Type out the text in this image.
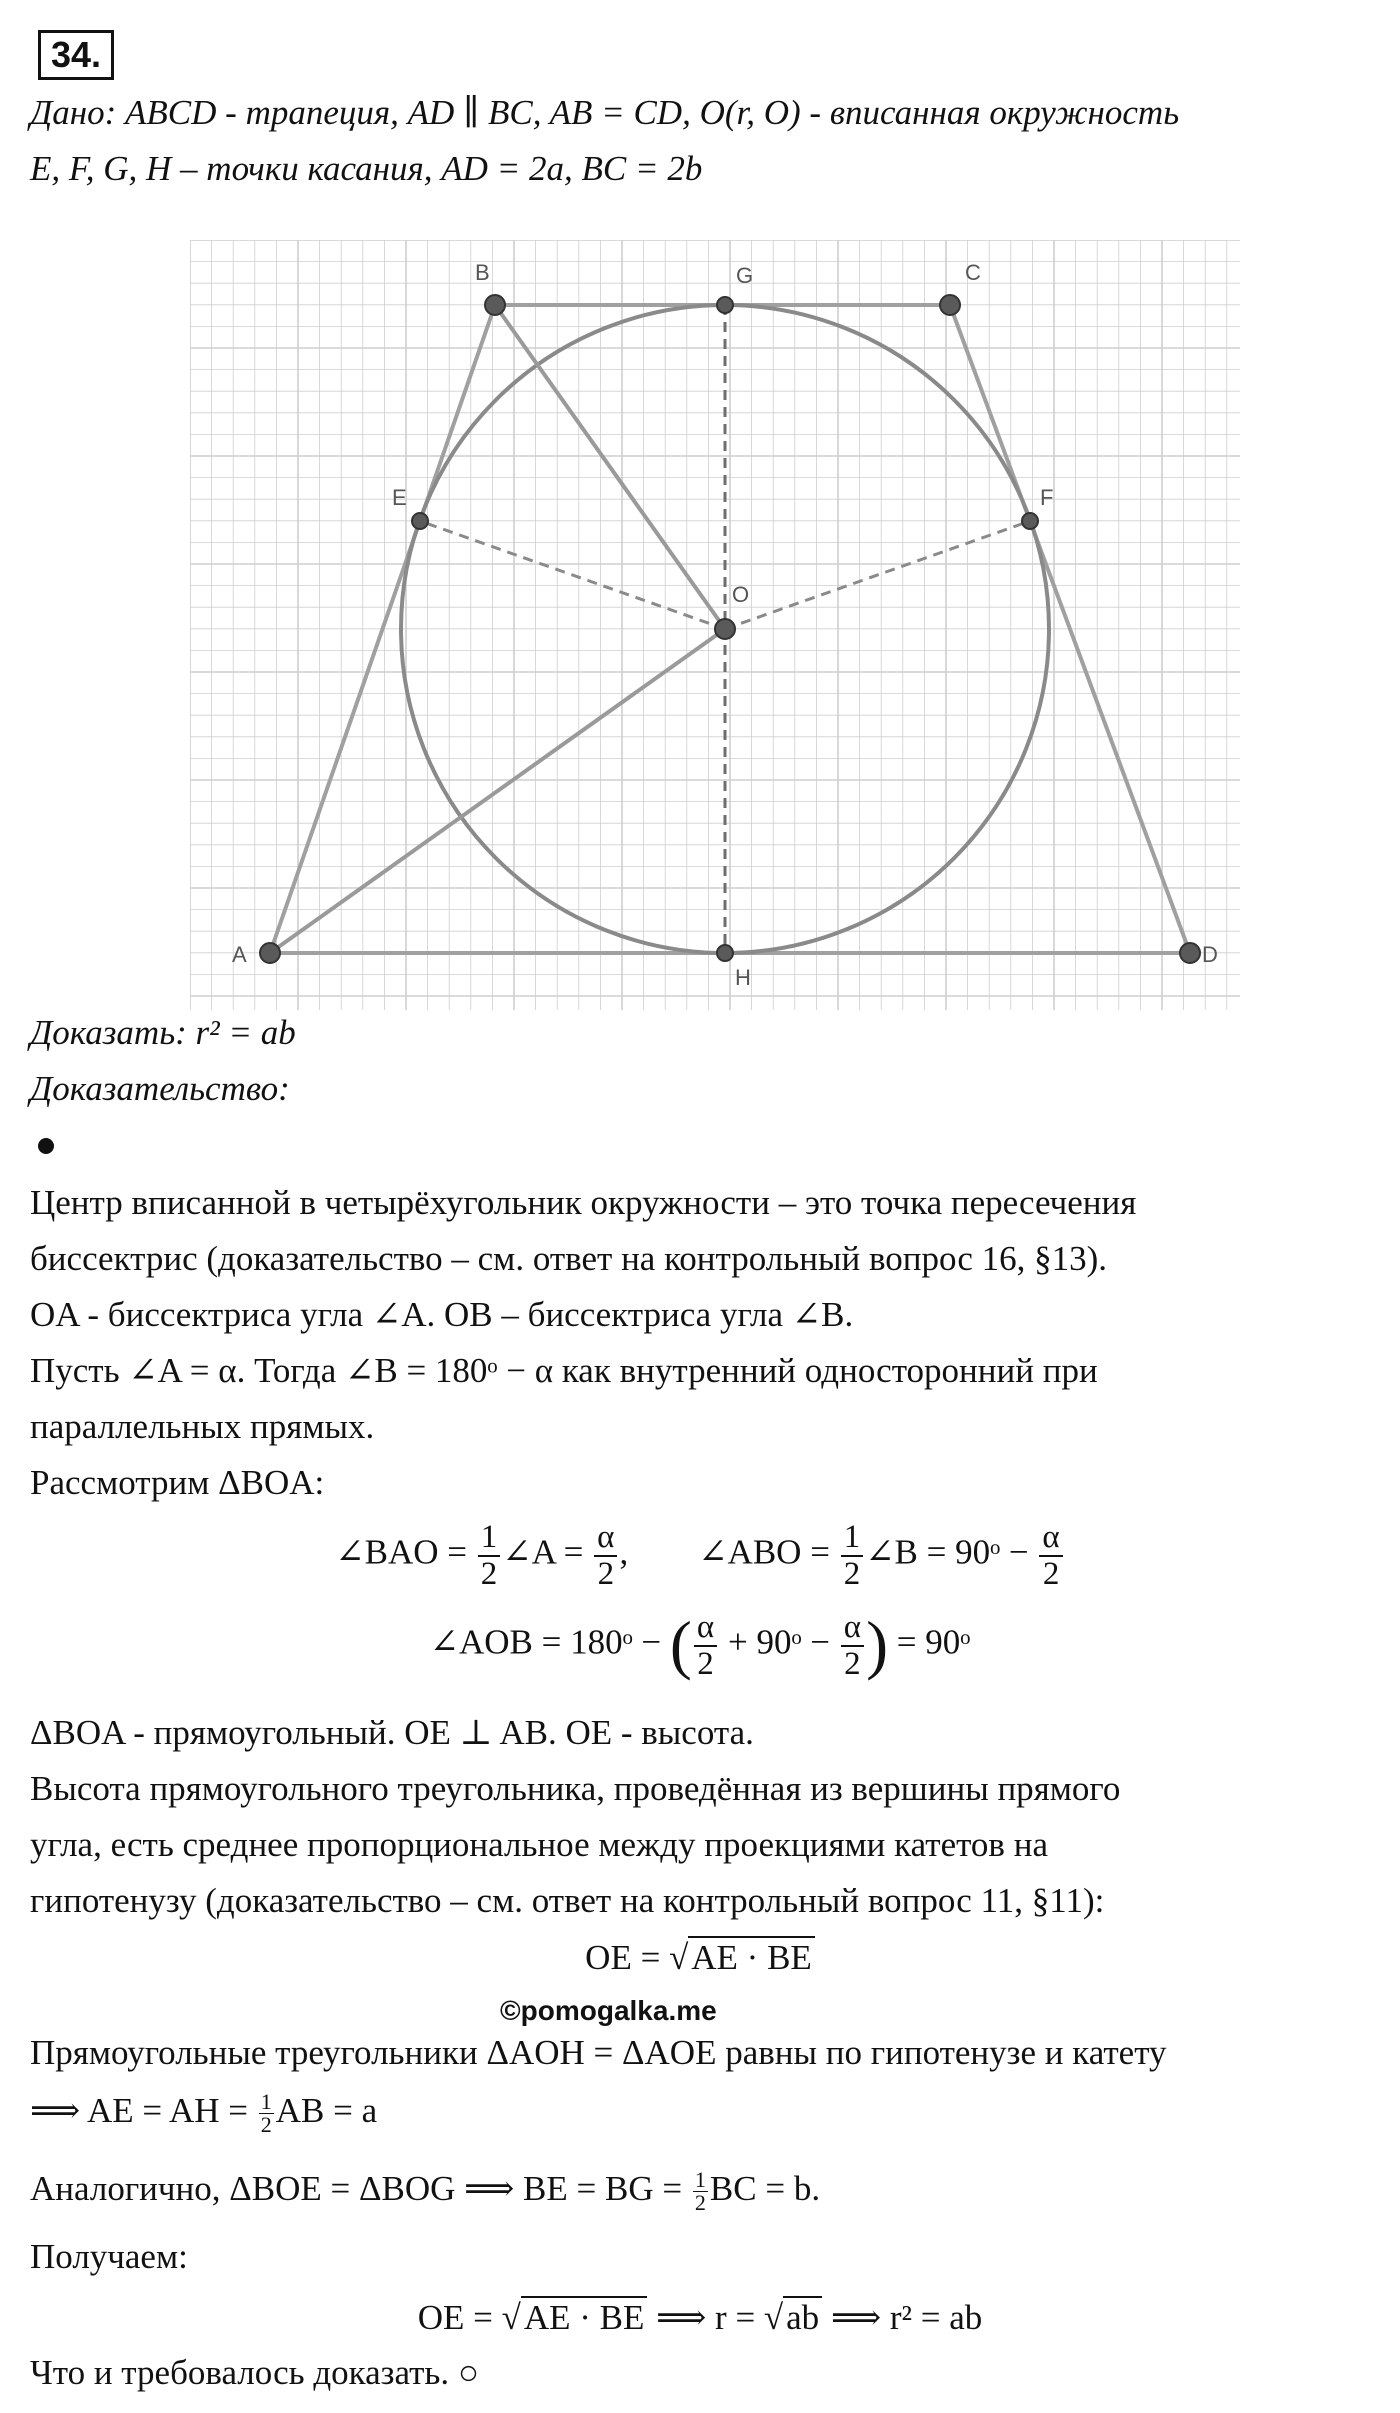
34.
Дано: ABCD - трапеция, AD ∥ BC, AB = CD, O(r, O) - вписанная окружность
E, F, G, H – точки касания, AD = 2a, BC = 2b
A
B	C
D
E	F
G
H
O
Доказать: r² = ab
Доказательство:
Центр вписанной в четырёхугольник окружности – это точка пересечения
биссектрис (доказательство – см. ответ на контрольный вопрос 16, §13).
OA - биссектриса угла ∠A. OB – биссектриса угла ∠B.
Пусть ∠A = α. Тогда ∠B = 180ᵒ − α как внутренний односторонний при
параллельных прямых.
Рассмотрим ΔBOA:
∠BAO = $\frac{1}{2}$ ∠A = $\frac{\alpha}{2}$ ,        ∠ABO = $\frac{1}{2}$ ∠B = 90ᵒ − $\frac{\alpha}{2}$
∠AOB = 180ᵒ − ( $\frac{\alpha}{2}$ + 90ᵒ − $\frac{\alpha}{2}$ ) = 90ᵒ
ΔBOA - прямоугольный. OE ⊥ AB. OE - высота.
Высота прямоугольного треугольника, проведённая из вершины прямого
угла, есть среднее пропорциональное между проекциями катетов на
гипотенузу (доказательство – см. ответ на контрольный вопрос 11, §11):
OE = √AE · BE
©pomogalka.me
Прямоугольные треугольники ΔAOH = ΔAOE равны по гипотенузе и катету
⟹ AE = AH = $\frac{1}{2}$ AB = a
Аналогично, ΔBOE = ΔBOG ⟹ BE = BG = $\frac{1}{2}$ BC = b.
Получаем:
OE = √AE · BE ⟹ r = √ab ⟹ r² = ab
Что и требовалось доказать. ○
